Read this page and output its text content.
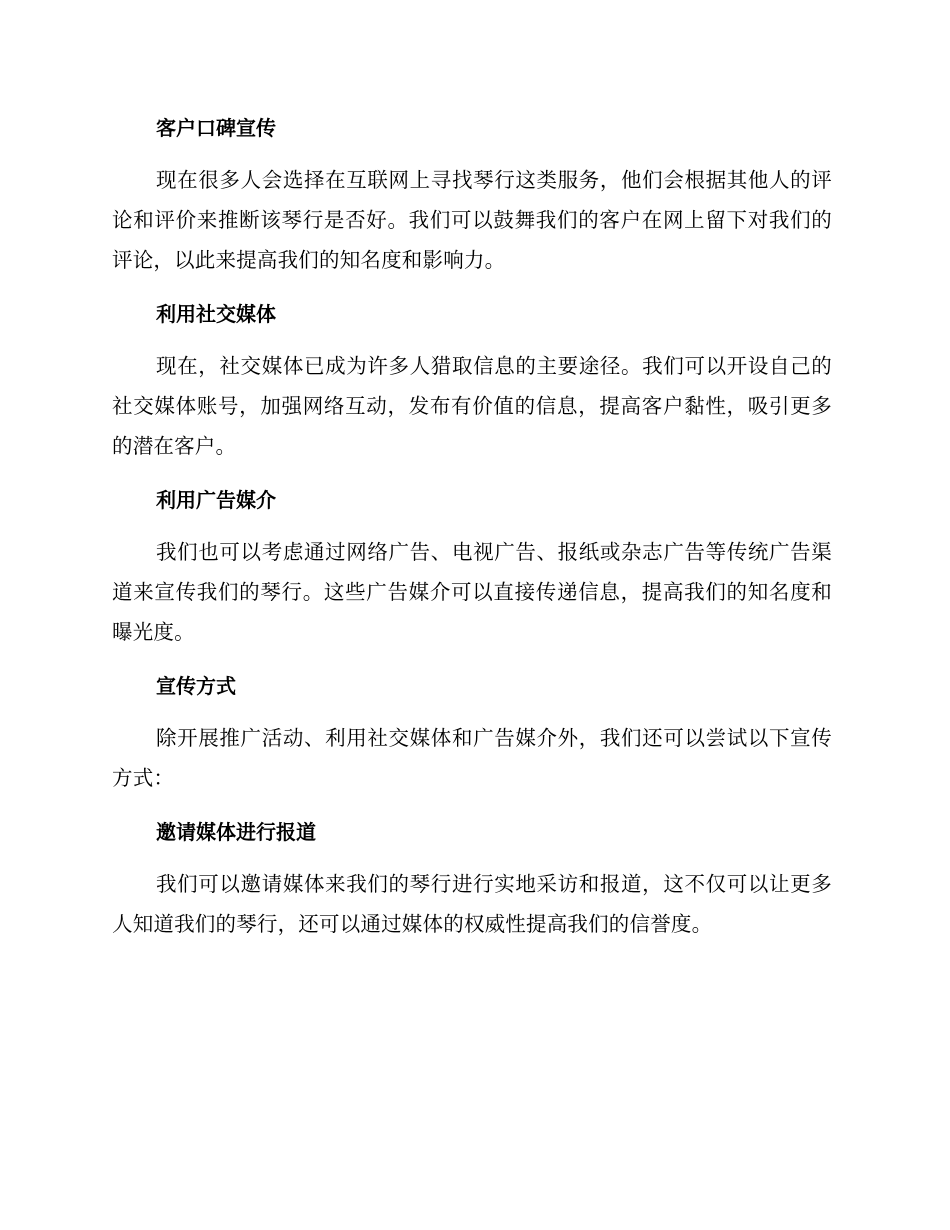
客户口碑宣传

现在很多人会选择在互联网上寻找琴行这类服务，他们会根据其他人的评论和评价来推断该琴行是否好。我们可以鼓舞我们的客户在网上留下对我们的评论，以此来提高我们的知名度和影响力。

利用社交媒体

现在，社交媒体已成为许多人猎取信息的主要途径。我们可以开设自己的社交媒体账号，加强网络互动，发布有价值的信息，提高客户黏性，吸引更多的潜在客户。

利用广告媒介

我们也可以考虑通过网络广告、电视广告、报纸或杂志广告等传统广告渠道来宣传我们的琴行。这些广告媒介可以直接传递信息，提高我们的知名度和曝光度。

宣传方式

除开展推广活动、利用社交媒体和广告媒介外，我们还可以尝试以下宣传方式：

邀请媒体进行报道

我们可以邀请媒体来我们的琴行进行实地采访和报道，这不仅可以让更多人知道我们的琴行，还可以通过媒体的权威性提高我们的信誉度。
